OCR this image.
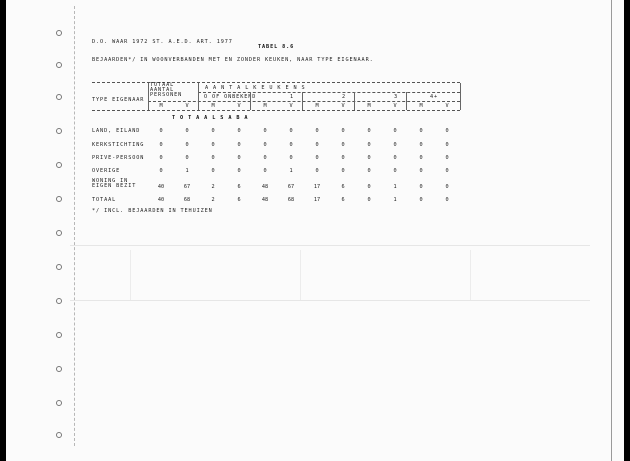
D.O. WAAR 1972 ST. A.E.D. ART. 1977
TABEL 8.6
BEJAARDEN*/ IN WOONVERBANDEN MET EN ZONDER KEUKEN, NAAR TYPE EIGENAAR.
TYPE EIGENAAR
TOTAAL AANTAL PERSONEN
A A N T A L K E U K E N S
O OF ONBEKEND	1	2	3	4+
M	V	M	V	M	V	M	V	M	V	M	V
T O T A A L S A B A
LAND, EILAND	0	0	0	0	0	0	0	0	0	0	0	0
KERKSTICHTING	0	0	0	0	0	0	0	0	0	0	0	0
PRIVE-PERSOON	0	0	0	0	0	0	0	0	0	0	0	0
OVERIGE	0	1	0	0	0	1	0	0	0	0	0	0
WONING IN EIGEN BEZIT	40	67	2	6	48	67	17	6	0	1	0	0
TOTAAL	40	68	2	6	48	68	17	6	0	1	0	0
*/ INCL. BEJAARDEN IN TEHUIZEN
